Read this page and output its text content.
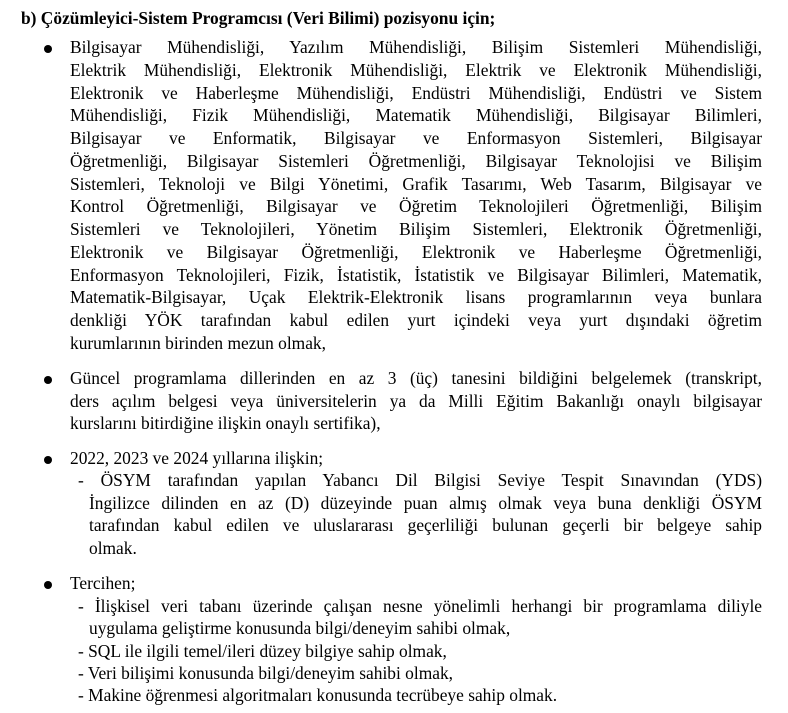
b) Çözümleyici-Sistem Programcısı (Veri Bilimi) pozisyonu için;
Bilgisayar Mühendisliği, Yazılım Mühendisliği, Bilişim Sistemleri Mühendisliği,
Elektrik Mühendisliği, Elektronik Mühendisliği, Elektrik ve Elektronik Mühendisliği,
Elektronik ve Haberleşme Mühendisliği, Endüstri Mühendisliği, Endüstri ve Sistem
Mühendisliği, Fizik Mühendisliği, Matematik Mühendisliği, Bilgisayar Bilimleri,
Bilgisayar ve Enformatik, Bilgisayar ve Enformasyon Sistemleri, Bilgisayar
Öğretmenliği, Bilgisayar Sistemleri Öğretmenliği, Bilgisayar Teknolojisi ve Bilişim
Sistemleri, Teknoloji ve Bilgi Yönetimi, Grafik Tasarımı, Web Tasarım, Bilgisayar ve
Kontrol Öğretmenliği, Bilgisayar ve Öğretim Teknolojileri Öğretmenliği, Bilişim
Sistemleri ve Teknolojileri, Yönetim Bilişim Sistemleri, Elektronik Öğretmenliği,
Elektronik ve Bilgisayar Öğretmenliği, Elektronik ve Haberleşme Öğretmenliği,
Enformasyon Teknolojileri, Fizik, İstatistik, İstatistik ve Bilgisayar Bilimleri, Matematik,
Matematik-Bilgisayar, Uçak Elektrik-Elektronik lisans programlarının veya bunlara
denkliği YÖK tarafından kabul edilen yurt içindeki veya yurt dışındaki öğretim
kurumlarının birinden mezun olmak,
Güncel programlama dillerinden en az 3 (üç) tanesini bildiğini belgelemek (transkript,
ders açılım belgesi veya üniversitelerin ya da Milli Eğitim Bakanlığı onaylı bilgisayar
kurslarını bitirdiğine ilişkin onaylı sertifika),
2022, 2023 ve 2024 yıllarına ilişkin;
- ÖSYM tarafından yapılan Yabancı Dil Bilgisi Seviye Tespit Sınavından (YDS)
İngilizce dilinden en az (D) düzeyinde puan almış olmak veya buna denkliği ÖSYM
tarafından kabul edilen ve uluslararası geçerliliği bulunan geçerli bir belgeye sahip
olmak.
Tercihen;
- İlişkisel veri tabanı üzerinde çalışan nesne yönelimli herhangi bir programlama diliyle
uygulama geliştirme konusunda bilgi/deneyim sahibi olmak,
- SQL ile ilgili temel/ileri düzey bilgiye sahip olmak,
- Veri bilişimi konusunda bilgi/deneyim sahibi olmak,
- Makine öğrenmesi algoritmaları konusunda tecrübeye sahip olmak.
